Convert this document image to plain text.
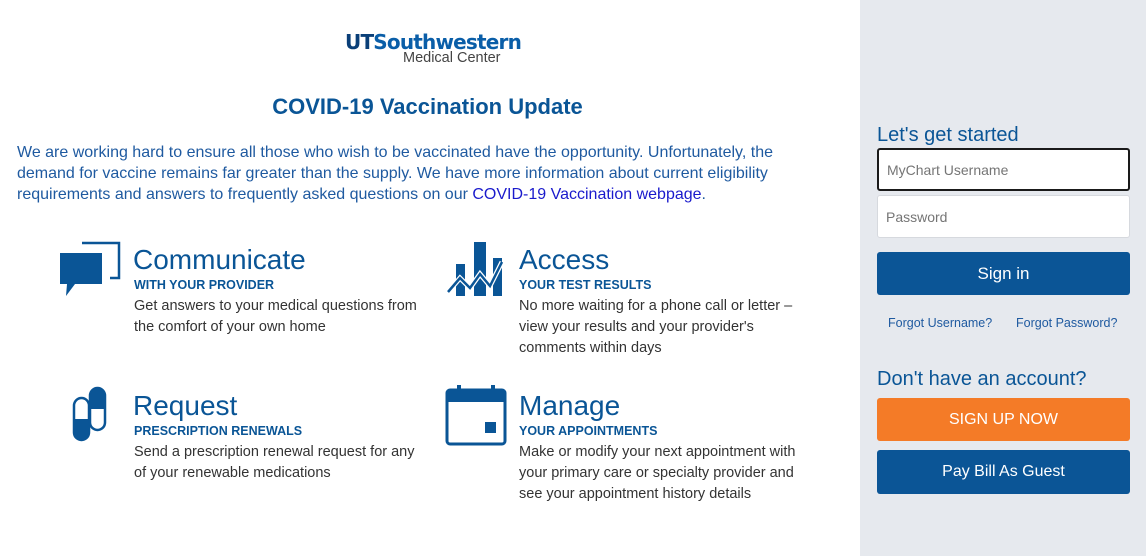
UTSouthwestern
Medical Center
COVID-19 Vaccination Update
We are working hard to ensure all those who wish to be vaccinated have the opportunity. Unfortunately, the demand for vaccine remains far greater than the supply. We have more information about current eligibility requirements and answers to frequently asked questions on our COVID-19 Vaccination webpage.
Communicate
WITH YOUR PROVIDER
Get answers to your medical questions from the comfort of your own home
Access
YOUR TEST RESULTS
No more waiting for a phone call or letter – view your results and your provider's comments within days
Request
PRESCRIPTION RENEWALS
Send a prescription renewal request for any of your renewable medications
Manage
YOUR APPOINTMENTS
Make or modify your next appointment with your primary care or specialty provider and see your appointment history details
Let's get started
MyChart Username
Sign in
Forgot Username? Forgot Password?
Don't have an account?
SIGN UP NOW
Pay Bill As Guest
